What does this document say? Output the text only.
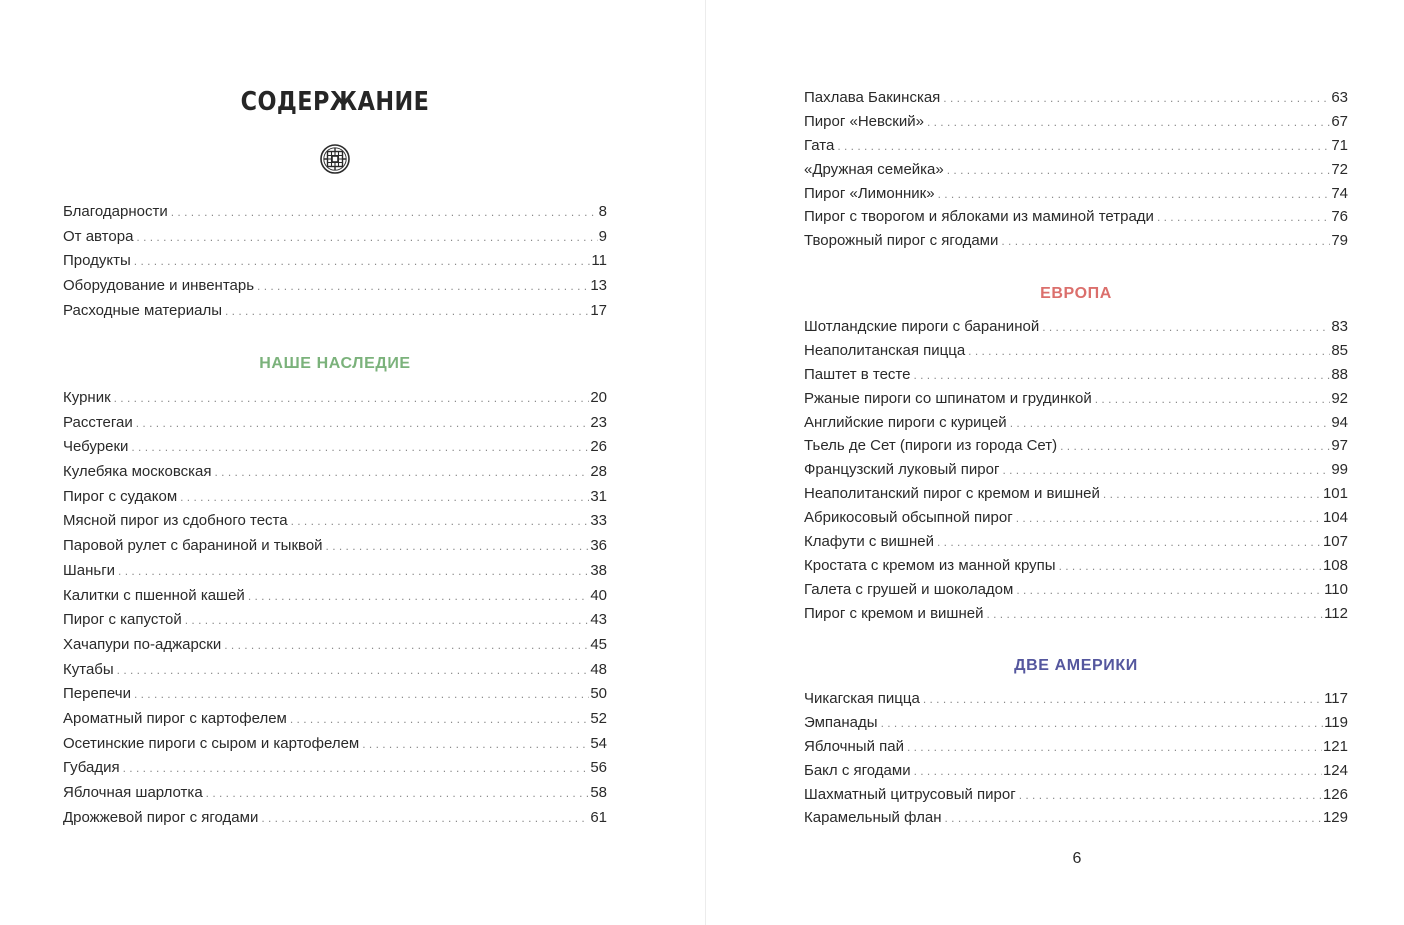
СОДЕРЖАНИЕ
Благодарности . . .	8
От автора . . .	9
Продукты . . .	11
Оборудование и инвентарь . . .	13
Расходные материалы . . .	17
НАШЕ НАСЛЕДИЕ
Курник . . .	20
Расстегаи . . .	23
Чебуреки . . .	26
Кулебяка московская . . .	28
Пирог с судаком . . .	31
Мясной пирог из сдобного теста . . .	33
Паровой рулет с бараниной и тыквой . . .	36
Шаньги . . .	38
Калитки с пшенной кашей . . .	40
Пирог с капустой . . .	43
Хачапури по-аджарски . . .	45
Кутабы . . .	48
Перепечи . . .	50
Ароматный пирог с картофелем . . .	52
Осетинские пироги с сыром и картофелем . . .	54
Губадия . . .	56
Яблочная шарлотка . . .	58
Дрожжевой пирог с ягодами . . .	61
Пахлава Бакинская . . .	63
Пирог «Невский» . . .	67
Гата . . .	71
«Дружная семейка» . . .	72
Пирог «Лимонник» . . .	74
Пирог с творогом и яблоками из маминой тетради . . .	76
Творожный пирог с ягодами . . .	79
ЕВРОПА
Шотландские пироги с бараниной . . .	83
Неаполитанская пицца . . .	85
Паштет в тесте . . .	88
Ржаные пироги со шпинатом и грудинкой . . .	92
Английские пироги с курицей . . .	94
Тьель де Сет (пироги из города Сет) . . .	97
Французский луковый пирог . . .	99
Неаполитанский пирог с кремом и вишней . . .	101
Абрикосовый обсыпной пирог . . .	104
Клафути с вишней . . .	107
Кростата с кремом из манной крупы . . .	108
Галета с грушей и шоколадом . . .	110
Пирог с кремом и вишней . . .	112
ДВЕ АМЕРИКИ
Чикагская пицца . . .	117
Эмпанады . . .	119
Яблочный пай . . .	121
Бакл с ягодами . . .	124
Шахматный цитрусовый пирог . . .	126
Карамельный флан . . .	129
6
